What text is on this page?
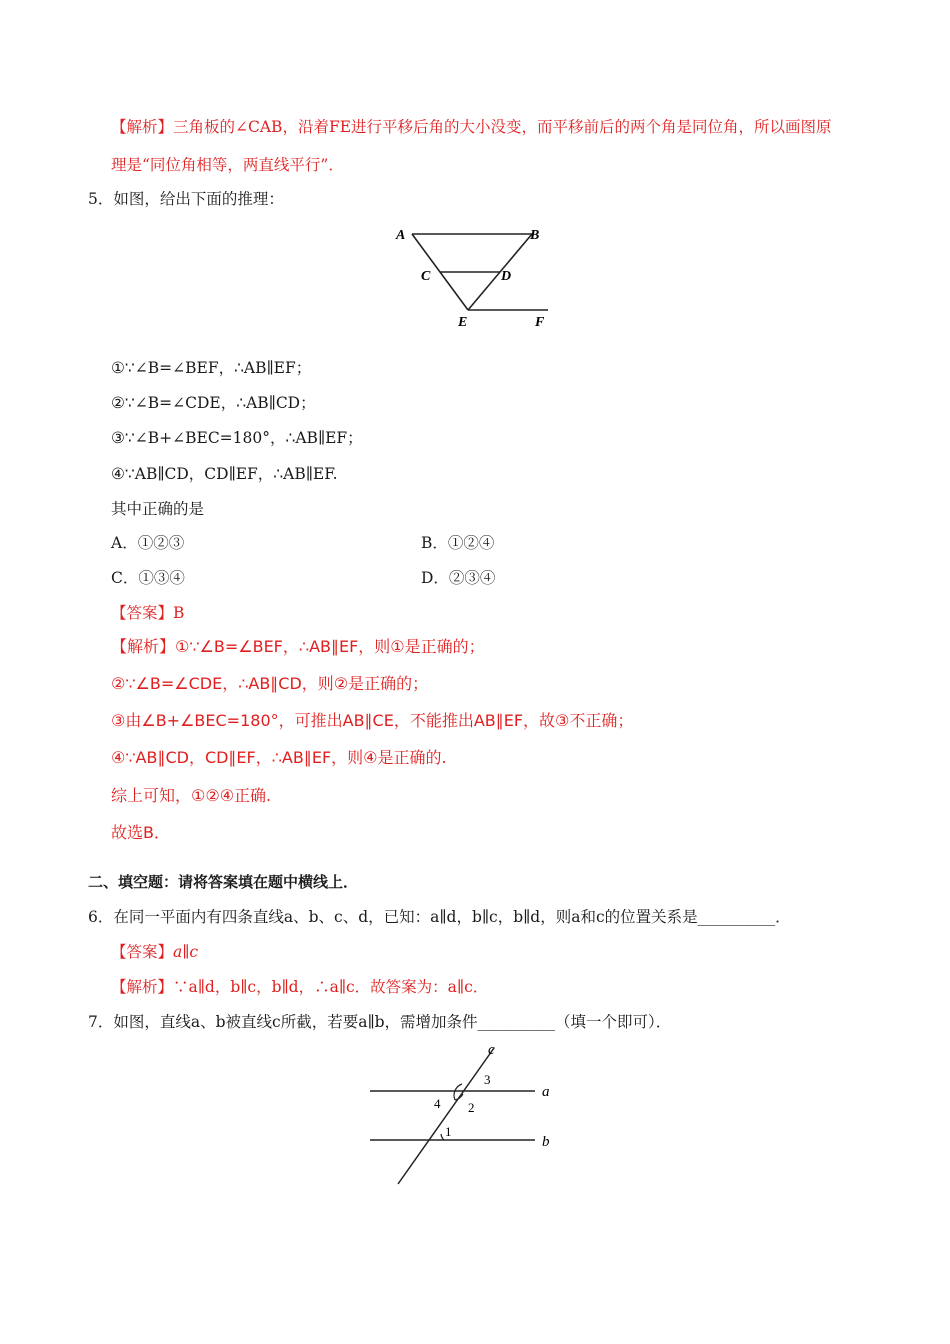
【解析】三角板的∠CAB，沿着FE进行平移后角的大小没变，而平移前后的两个角是同位角，所以画图原
理是“同位角相等，两直线平行”．
5．如图，给出下面的推理：
A	B
C	D
E	F
①∵∠B=∠BEF，∴AB∥EF；
②∵∠B=∠CDE，∴AB∥CD；
③∵∠B+∠BEC=180°，∴AB∥EF；
④∵AB∥CD，CD∥EF，∴AB∥EF.
其中正确的是
A．①②③	B．①②④
C．①③④	D．②③④
【答案】B
【解析】①∵∠B=∠BEF，∴AB∥EF，则①是正确的；
②∵∠B=∠CDE，∴AB∥CD，则②是正确的；
③由∠B+∠BEC=180°，可推出AB∥CE，不能推出AB∥EF，故③不正确；
④∵AB∥CD，CD∥EF，∴AB∥EF，则④是正确的.
综上可知，①②④正确.
故选B．
二、填空题：请将答案填在题中横线上．
6．在同一平面内有四条直线a、b、c、d，已知：a∥d，b∥c，b∥d，则a和c的位置关系是__________．
【答案】a∥c
【解析】∵a∥d，b∥c，b∥d，∴a∥c．故答案为：a∥c．
7．如图，直线a、b被直线c所截，若要a∥b，需增加条件__________（填一个即可）．
c
a
b
1
2
3
4
